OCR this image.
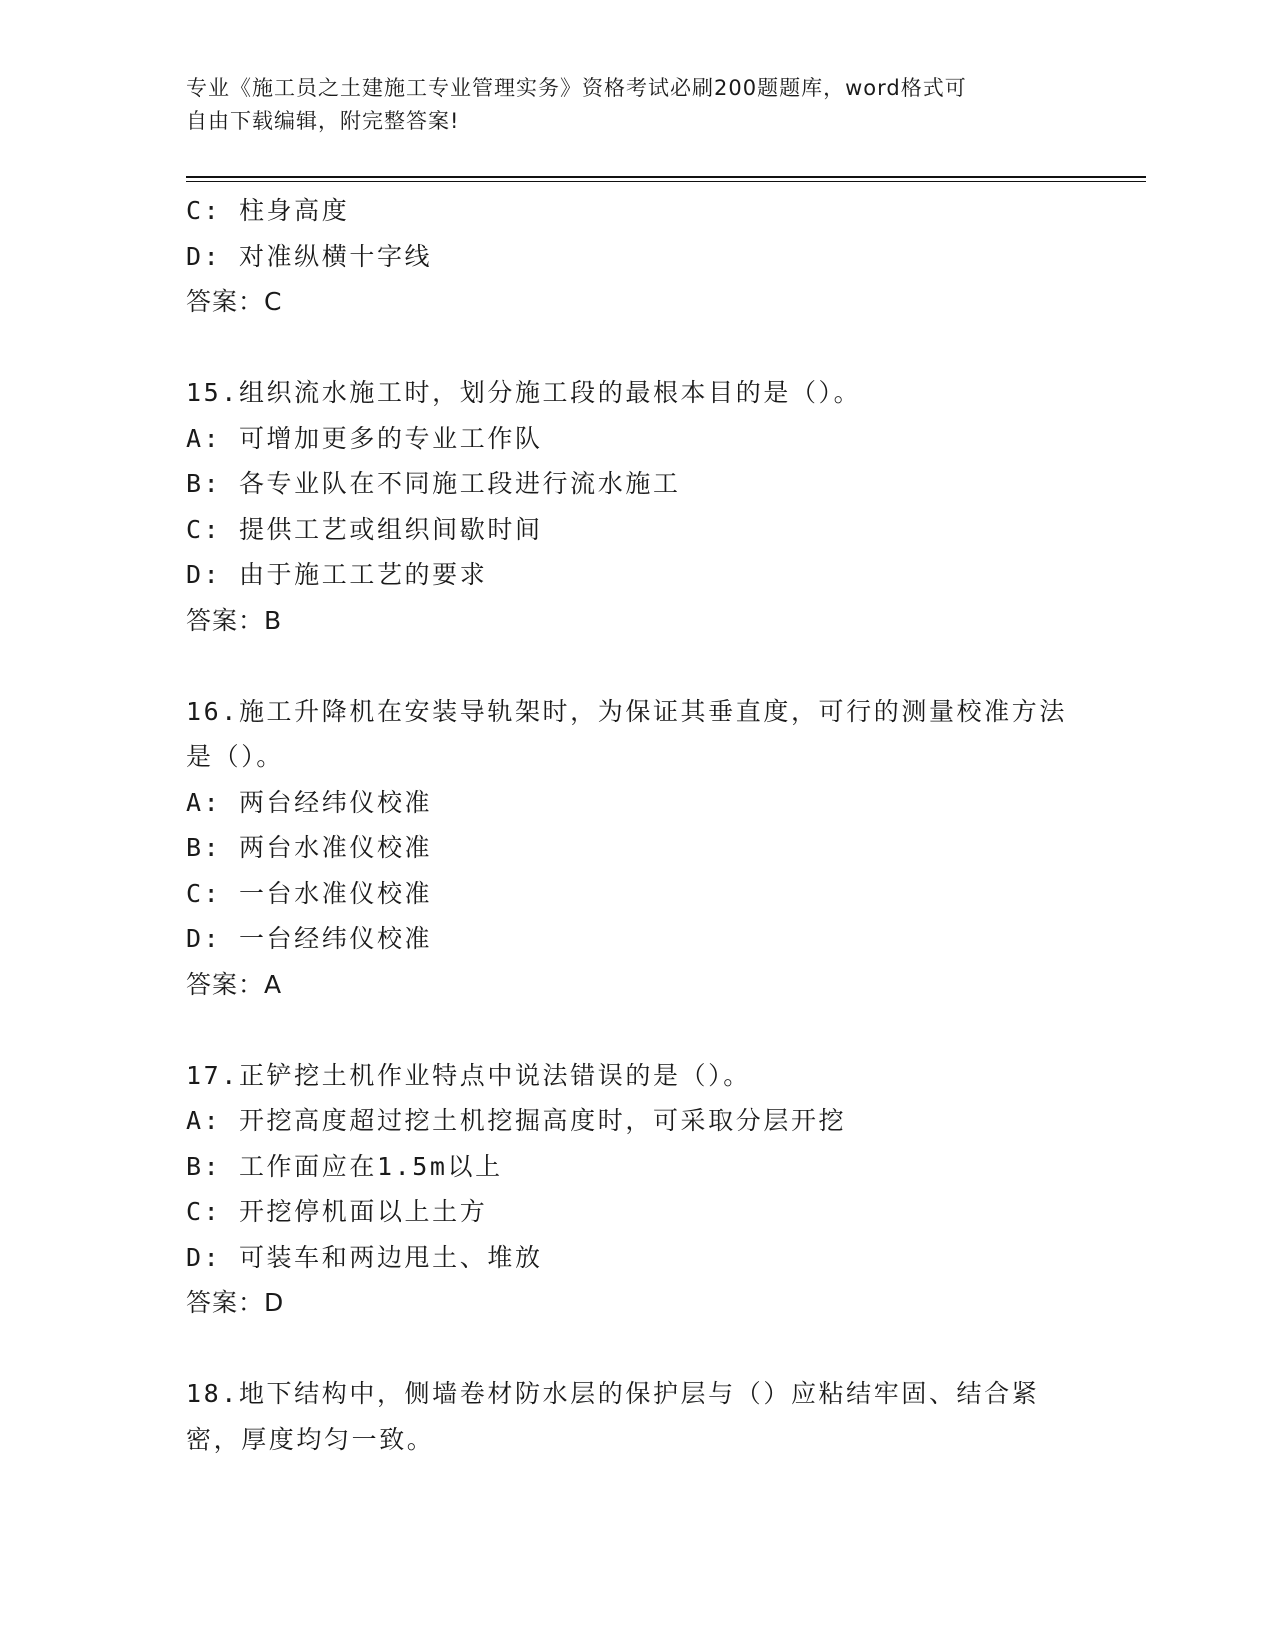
专业《施工员之土建施工专业管理实务》资格考试必刷200题题库，word格式可
自由下载编辑，附完整答案!
C: 柱身高度
D: 对准纵横十字线
答案：C
15.组织流水施工时，划分施工段的最根本目的是（）。
A: 可增加更多的专业工作队
B: 各专业队在不同施工段进行流水施工
C: 提供工艺或组织间歇时间
D: 由于施工工艺的要求
答案：B
16.施工升降机在安装导轨架时，为保证其垂直度，可行的测量校准方法是（）。
A: 两台经纬仪校准
B: 两台水准仪校准
C: 一台水准仪校准
D: 一台经纬仪校准
答案：A
17.正铲挖土机作业特点中说法错误的是（）。
A: 开挖高度超过挖土机挖掘高度时，可采取分层开挖
B: 工作面应在1.5m以上
C: 开挖停机面以上土方
D: 可装车和两边甩土、堆放
答案：D
18.地下结构中，侧墙卷材防水层的保护层与（）应粘结牢固、结合紧密，厚度均匀一致。
